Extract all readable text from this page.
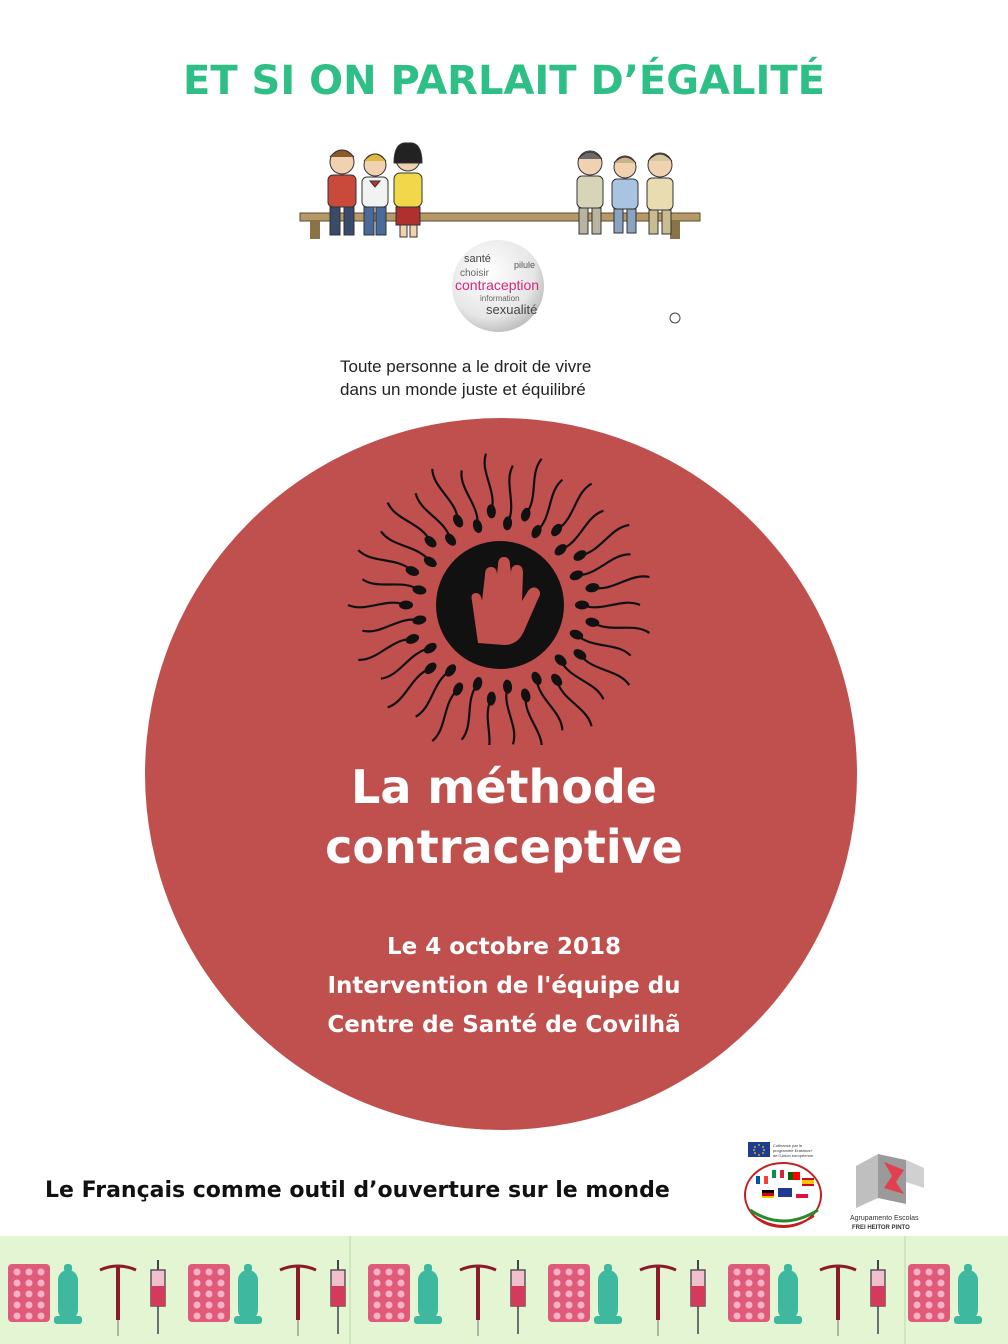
ET SI ON PARLAIT D’ÉGALITÉ
santé
choisir
pilule
contraception
information
sexualité
Toute personne a le droit de vivre
dans un monde juste et équilibré
La méthode
contraceptive
Le 4 octobre 2018
Intervention de l'équipe du
Centre de Santé de Covilhã
Le Français comme outil d’ouverture sur le monde
Cofinancé par le
programme Erasmus+
de l'Union européenne
Agrupamento Escolas
FREI HEITOR PINTO
